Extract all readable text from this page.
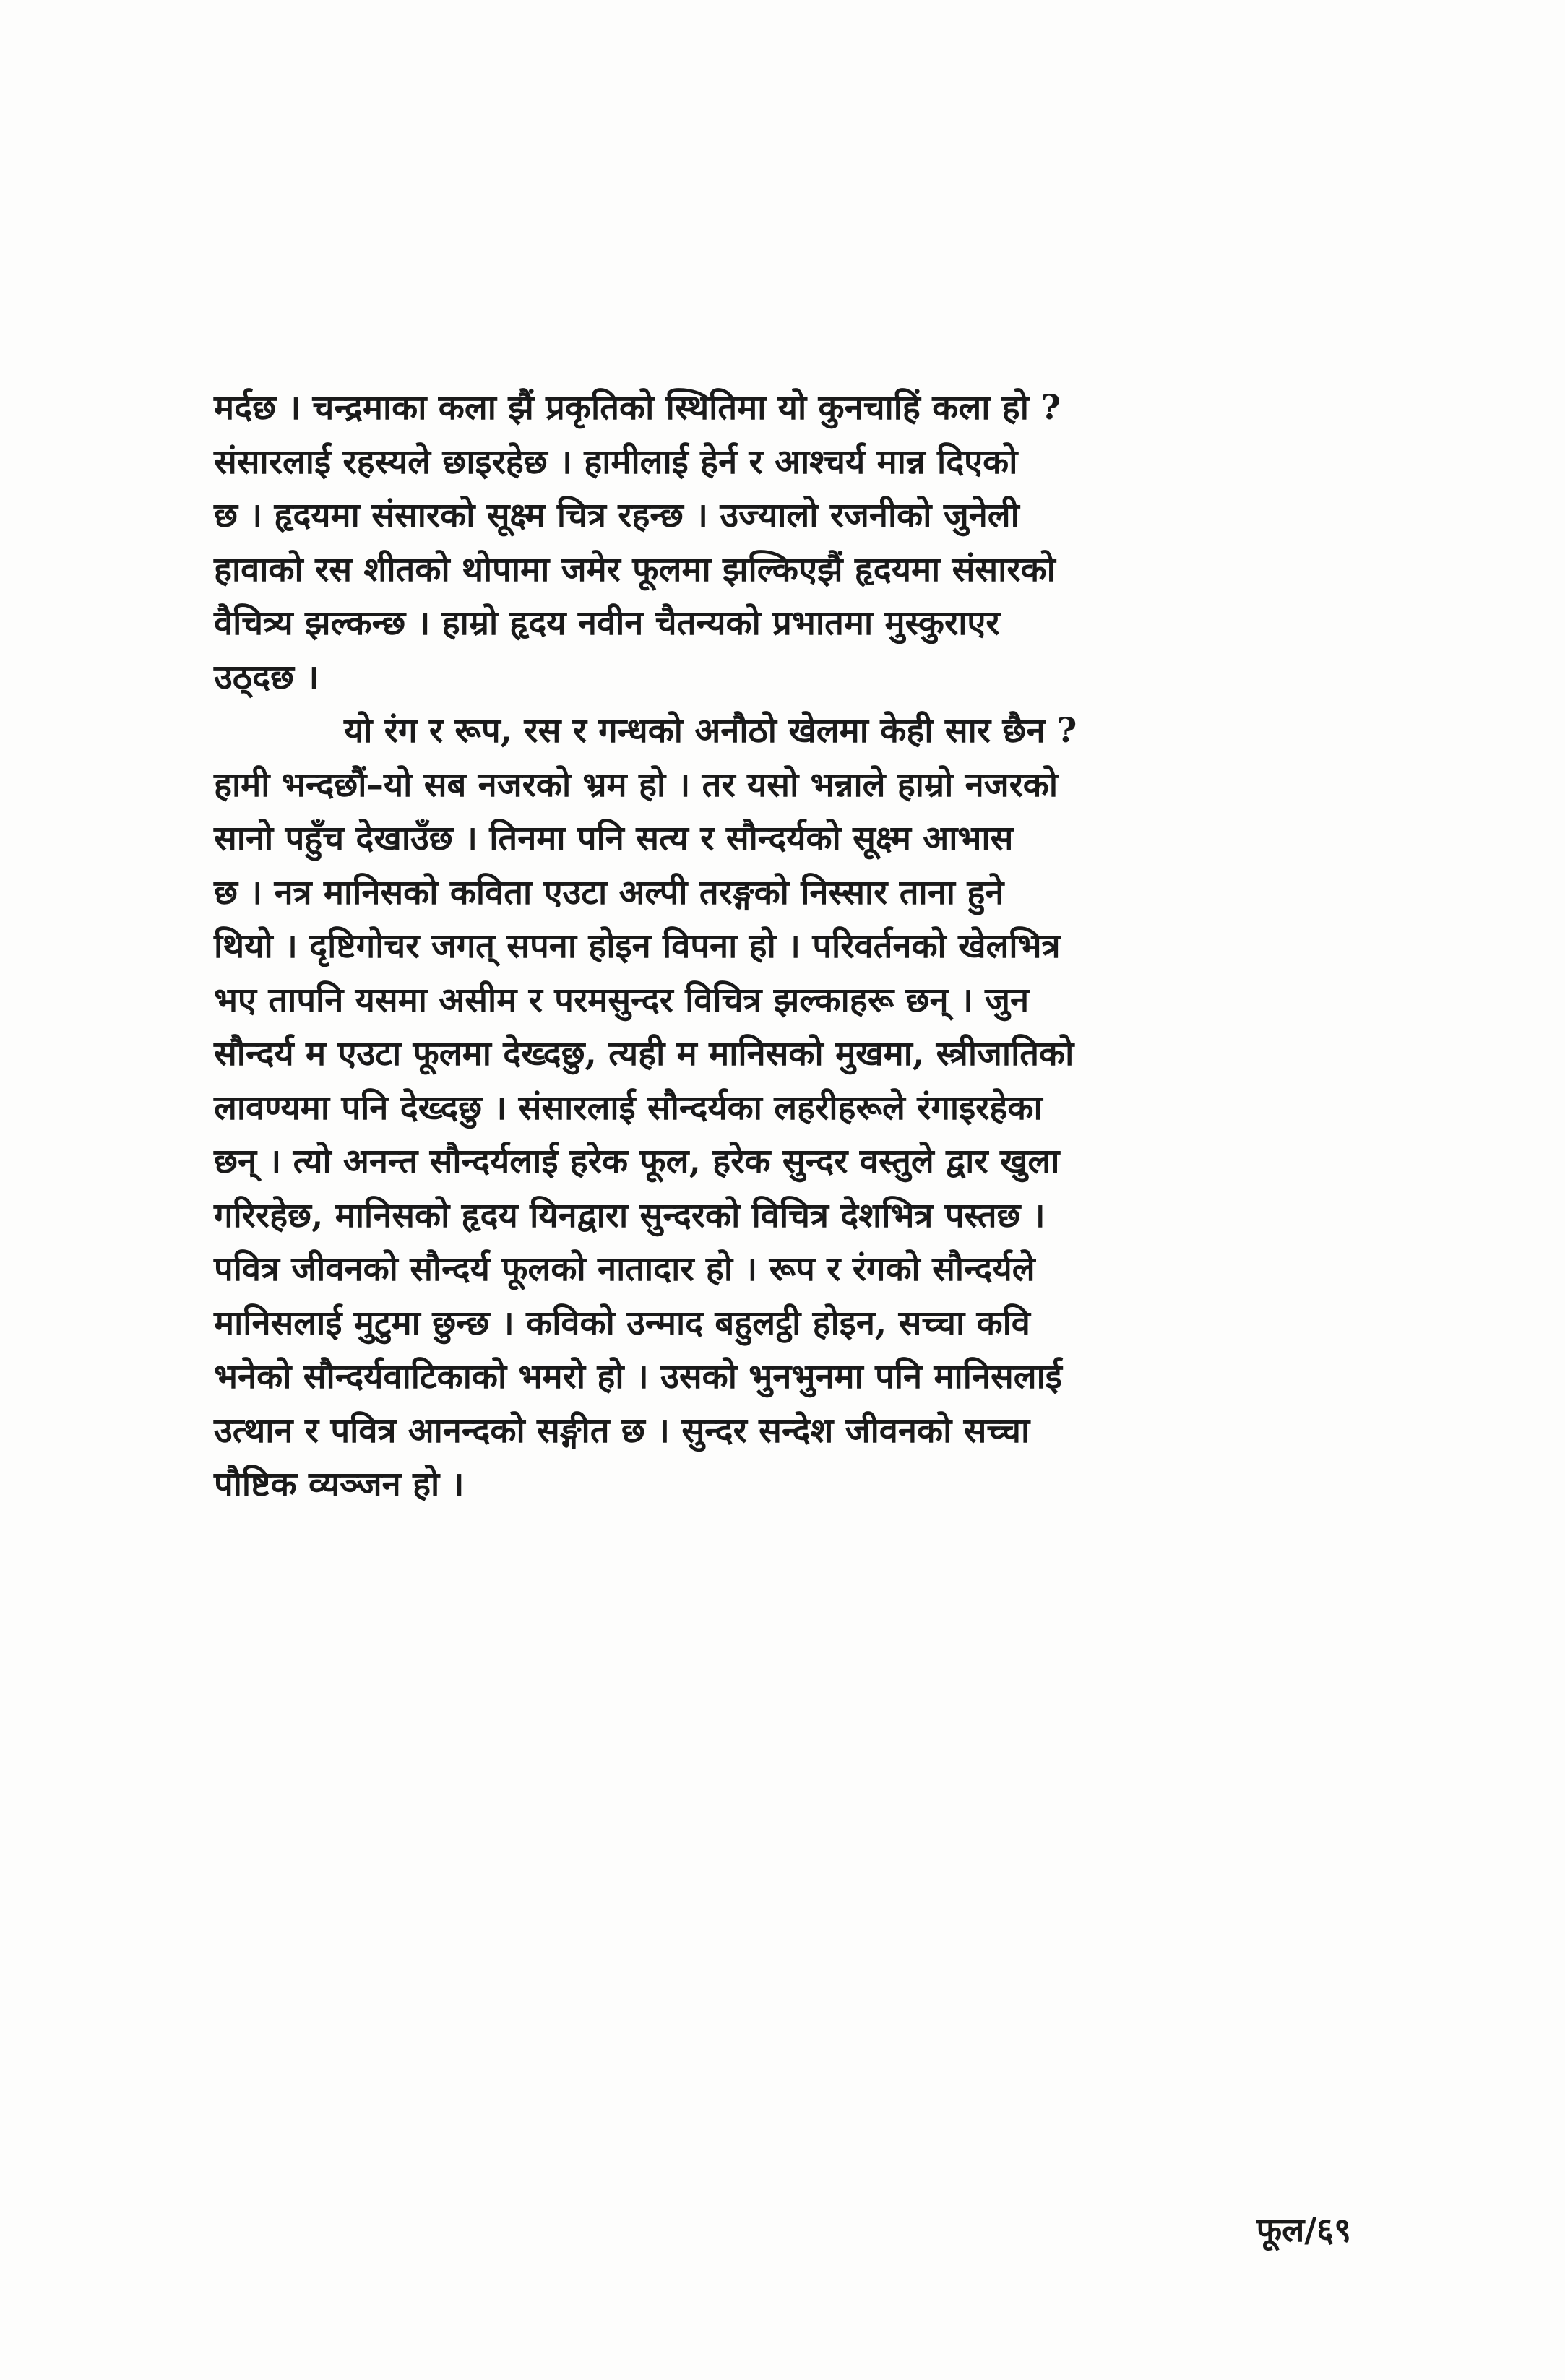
मर्दछ । चन्द्रमाका कला झैं प्रकृतिको स्थितिमा यो कुनचाहिं कला हो ?
संसारलाई रहस्यले छाइरहेछ । हामीलाई हेर्न र आश्चर्य मान्न दिएको
छ । हृदयमा संसारको सूक्ष्म चित्र रहन्छ । उज्यालो रजनीको जुनेली
हावाको रस शीतको थोपामा जमेर फूलमा झल्किएझैं हृदयमा संसारको
वैचित्र्य झल्कन्छ । हाम्रो हृदय नवीन चैतन्यको प्रभातमा मुस्कुराएर
उठ्दछ ।
यो रंग र रूप, रस र गन्धको अनौठो खेलमा केही सार छैन ?
हामी भन्दछौं–यो सब नजरको भ्रम हो । तर यसो भन्नाले हाम्रो नजरको
सानो पहुँच देखाउँछ । तिनमा पनि सत्य र सौन्दर्यको सूक्ष्म आभास
छ । नत्र मानिसको कविता एउटा अल्पी तरङ्गको निस्सार ताना हुने
थियो । दृष्टिगोचर जगत् सपना होइन विपना हो । परिवर्तनको खेलभित्र
भए तापनि यसमा असीम र परमसुन्दर विचित्र झल्काहरू छन् । जुन
सौन्दर्य म एउटा फूलमा देख्दछु, त्यही म मानिसको मुखमा, स्त्रीजातिको
लावण्यमा पनि देख्दछु । संसारलाई सौन्दर्यका लहरीहरूले रंगाइरहेका
छन् । त्यो अनन्त सौन्दर्यलाई हरेक फूल, हरेक सुन्दर वस्तुले द्वार खुला
गरिरहेछ, मानिसको हृदय यिनद्वारा सुन्दरको विचित्र देशभित्र पस्तछ ।
पवित्र जीवनको सौन्दर्य फूलको नातादार हो । रूप र रंगको सौन्दर्यले
मानिसलाई मुटुमा छुन्छ । कविको उन्माद बहुलट्ठी होइन, सच्चा कवि
भनेको सौन्दर्यवाटिकाको भमरो हो । उसको भुनभुनमा पनि मानिसलाई
उत्थान र पवित्र आनन्दको सङ्गीत छ । सुन्दर सन्देश जीवनको सच्चा
पौष्टिक व्यञ्जन हो ।
फूल/६९
